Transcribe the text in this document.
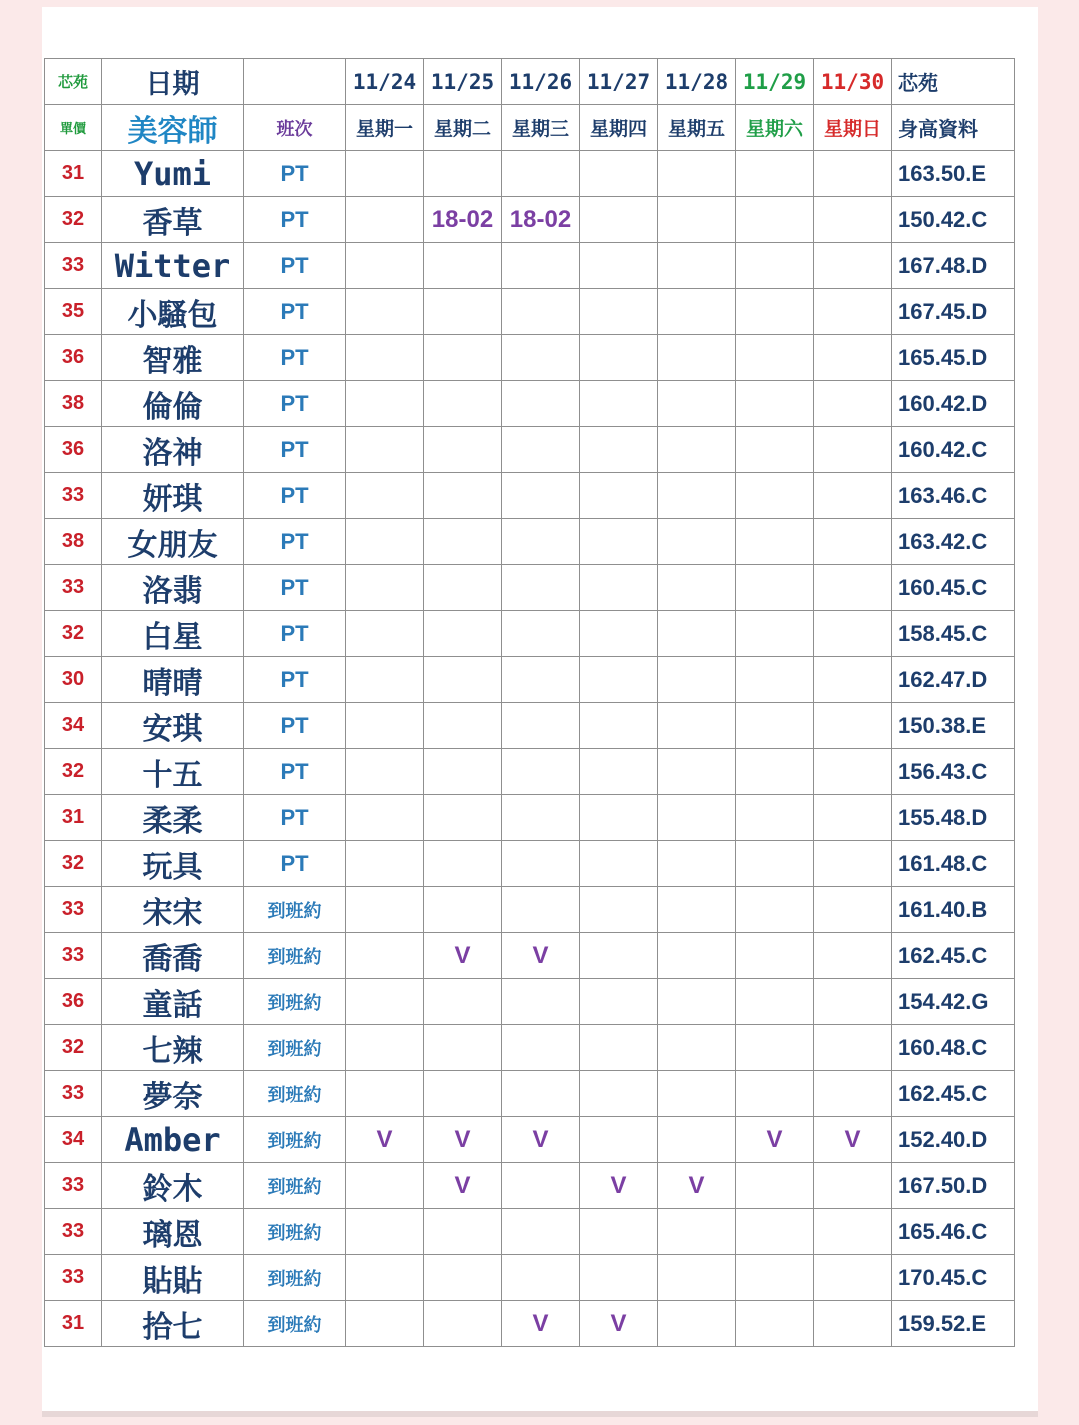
芯苑	日期		11/24	11/25	11/26	11/27	11/28	11/29	11/30	芯苑
單價	美容師	班次	星期一	星期二	星期三	星期四	星期五	星期六	星期日	身高資料
31	Yumi	PT								163.50.E
32	香草	PT		18-02	18-02					150.42.C
33	Witter	PT								167.48.D
35	小騷包	PT								167.45.D
36	智雅	PT								165.45.D
38	倫倫	PT								160.42.D
36	洛神	PT								160.42.C
33	妍琪	PT								163.46.C
38	女朋友	PT								163.42.C
33	洛翡	PT								160.45.C
32	白星	PT								158.45.C
30	晴晴	PT								162.47.D
34	安琪	PT								150.38.E
32	十五	PT								156.43.C
31	柔柔	PT								155.48.D
32	玩具	PT								161.48.C
33	宋宋	到班約								161.40.B
33	喬喬	到班約		V	V					162.45.C
36	童話	到班約								154.42.G
32	七辣	到班約								160.48.C
33	夢奈	到班約								162.45.C
34	Amber	到班約	V	V	V			V	V	152.40.D
33	鈴木	到班約		V		V	V			167.50.D
33	璃恩	到班約								165.46.C
33	貼貼	到班約								170.45.C
31	拾七	到班約			V	V				159.52.E
